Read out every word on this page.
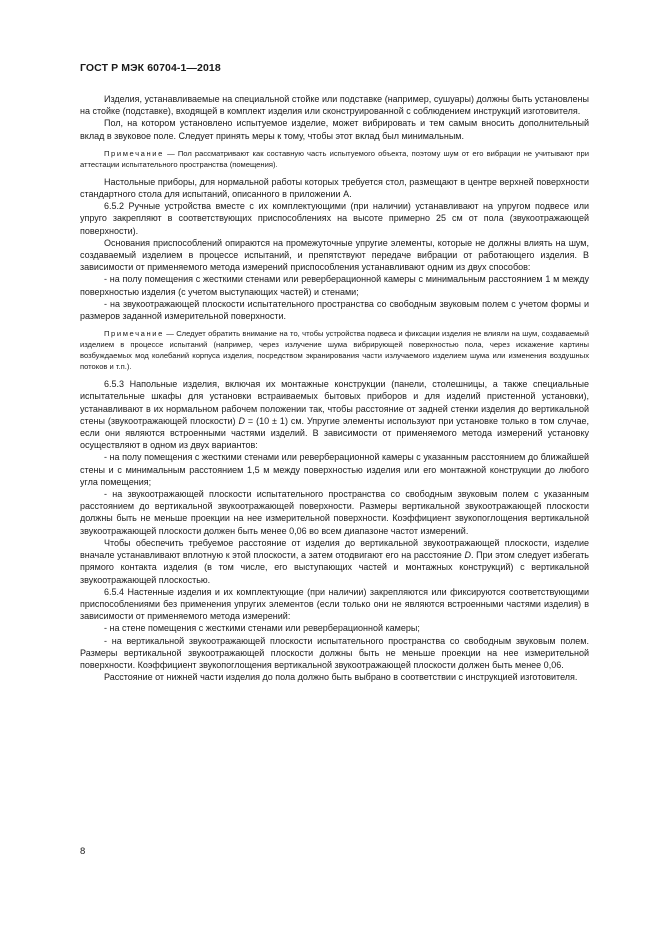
ГОСТ Р МЭК 60704-1—2018

Изделия, устанавливаемые на специальной стойке или подставке (например, сушуары) должны быть установлены на стойке (подставке), входящей в комплект изделия или сконструированной с соблюдением инструкций изготовителя.

Пол, на котором установлено испытуемое изделие, может вибрировать и тем самым вносить дополнительный вклад в звуковое поле. Следует принять меры к тому, чтобы этот вклад был минимальным.

Примечание — Пол рассматривают как составную часть испытуемого объекта, поэтому шум от его вибрации не учитывают при аттестации испытательного пространства (помещения).

Настольные приборы, для нормальной работы которых требуется стол, размещают в центре верхней поверхности стандартного стола для испытаний, описанного в приложении А.

6.5.2 Ручные устройства вместе с их комплектующими (при наличии) устанавливают на упругом подвесе или упруго закрепляют в соответствующих приспособлениях на высоте примерно 25 см от пола (звукоотражающей поверхности).

Основания приспособлений опираются на промежуточные упругие элементы, которые не должны влиять на шум, создаваемый изделием в процессе испытаний, и препятствуют передаче вибрации от работающего изделия. В зависимости от применяемого метода измерений приспособления устанавливают одним из двух способов:

- на полу помещения с жесткими стенами или реверберационной камеры с минимальным расстоянием 1 м между поверхностью изделия (с учетом выступающих частей) и стенами;

- на звукоотражающей плоскости испытательного пространства со свободным звуковым полем с учетом формы и размеров заданной измерительной поверхности.

Примечание — Следует обратить внимание на то, чтобы устройства подвеса и фиксации изделия не влияли на шум, создаваемый изделием в процессе испытаний (например, через излучение шума вибрирующей поверхностью пола, через искажение картины возбуждаемых мод колебаний корпуса изделия, посредством экранирования части излучаемого изделием шума или изменения воздушных потоков и т.п.).

6.5.3 Напольные изделия, включая их монтажные конструкции (панели, столешницы, а также специальные испытательные шкафы для установки встраиваемых бытовых приборов и для изделий пристенной установки), устанавливают в их нормальном рабочем положении так, чтобы расстояние от задней стенки изделия до вертикальной стены (звукоотражающей плоскости) D = (10 ± 1) см. Упругие элементы используют при установке только в том случае, если они являются встроенными частями изделий. В зависимости от применяемого метода измерений установку осуществляют в одном из двух вариантов:

- на полу помещения с жесткими стенами или реверберационной камеры с указанным расстоянием до ближайшей стены и с минимальным расстоянием 1,5 м между поверхностью изделия или его монтажной конструкции до любого угла помещения;

- на звукоотражающей плоскости испытательного пространства со свободным звуковым полем с указанным расстоянием до вертикальной звукоотражающей поверхности. Размеры вертикальной звукоотражающей плоскости должны быть не меньше проекции на нее измерительной поверхности. Коэффициент звукопоглощения вертикальной звукоотражающей плоскости должен быть менее 0,06 во всем диапазоне частот измерений.

Чтобы обеспечить требуемое расстояние от изделия до вертикальной звукоотражающей плоскости, изделие вначале устанавливают вплотную к этой плоскости, а затем отодвигают его на расстояние D. При этом следует избегать прямого контакта изделия (в том числе, его выступающих частей и монтажных конструкций) с вертикальной звукоотражающей плоскостью.

6.5.4 Настенные изделия и их комплектующие (при наличии) закрепляются или фиксируются соответствующими приспособлениями без применения упругих элементов (если только они не являются встроенными частями изделия) в зависимости от применяемого метода измерений:

- на стене помещения с жесткими стенами или реверберационной камеры;

- на вертикальной звукоотражающей плоскости испытательного пространства со свободным звуковым полем. Размеры вертикальной звукоотражающей плоскости должны быть не меньше проекции на нее измерительной поверхности. Коэффициент звукопоглощения вертикальной звукоотражающей плоскости должен быть менее 0,06.

Расстояние от нижней части изделия до пола должно быть выбрано в соответствии с инструкцией изготовителя.

8
